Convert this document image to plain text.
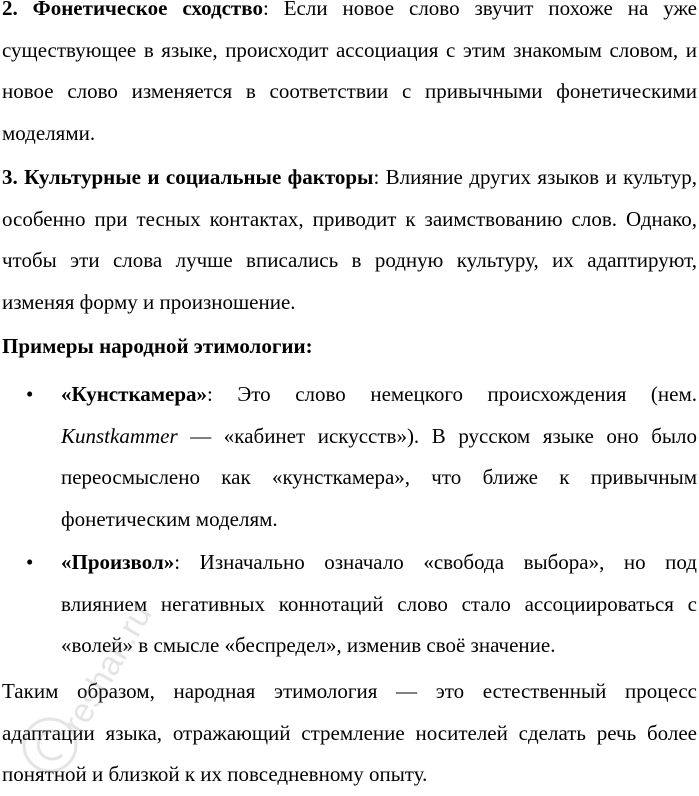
2. Фонетическое сходство: Если новое слово звучит похоже на уже существующее в языке, происходит ассоциация с этим знакомым словом, и новое слово изменяется в соответствии с привычными фонетическими моделями.

3. Культурные и социальные факторы: Влияние других языков и культур, особенно при тесных контактах, приводит к заимствованию слов. Однако, чтобы эти слова лучше вписались в родную культуру, их адаптируют, изменяя форму и произношение.

Примеры народной этимологии:

• «Кунсткамера»: Это слово немецкого происхождения (нем. Kunstkammer — «кабинет искусств»). В русском языке оно было переосмыслено как «кунсткамера», что ближе к привычным фонетическим моделям.
• «Произвол»: Изначально означало «свобода выбора», но под влиянием негативных коннотаций слово стало ассоциироваться с «волей» в смысле «беспредел», изменив своё значение.

Таким образом, народная этимология — это естественный процесс адаптации языка, отражающий стремление носителей сделать речь более понятной и близкой к их повседневному опыту.

reshak.ru
